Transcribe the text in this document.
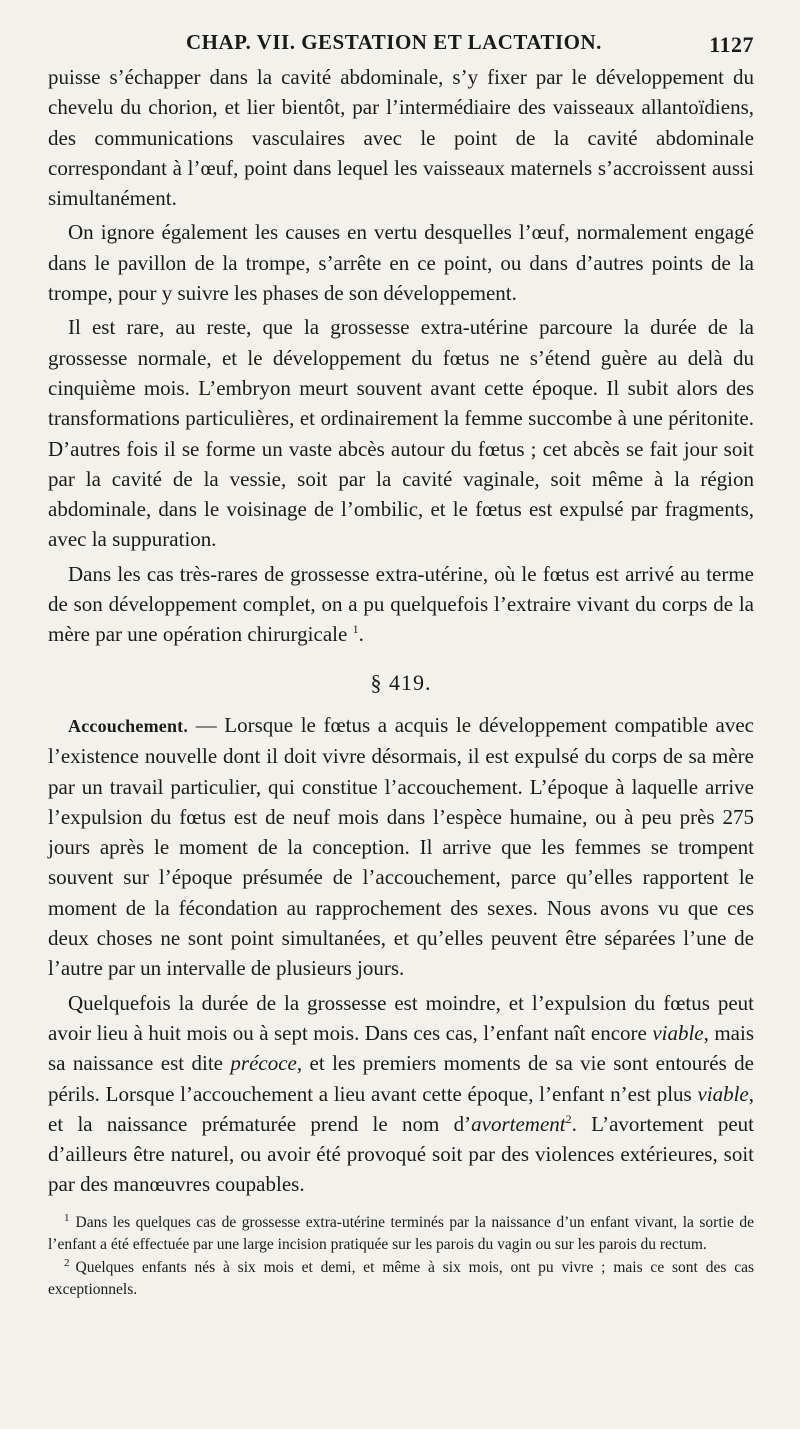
CHAP. VII. GESTATION ET LACTATION.	1127

puisse s’échapper dans la cavité abdominale, s’y fixer par le développement du chevelu du chorion, et lier bientôt, par l’intermédiaire des vaisseaux allantoïdiens, des communications vasculaires avec le point de la cavité abdominale correspondant à l’œuf, point dans lequel les vaisseaux maternels s’accroissent aussi simultanément.

On ignore également les causes en vertu desquelles l’œuf, normalement engagé dans le pavillon de la trompe, s’arrête en ce point, ou dans d’autres points de la trompe, pour y suivre les phases de son développement.

Il est rare, au reste, que la grossesse extra-utérine parcoure la durée de la grossesse normale, et le développement du fœtus ne s’étend guère au delà du cinquième mois. L’embryon meurt souvent avant cette époque. Il subit alors des transformations particulières, et ordinairement la femme succombe à une péritonite. D’autres fois il se forme un vaste abcès autour du fœtus ; cet abcès se fait jour soit par la cavité de la vessie, soit par la cavité vaginale, soit même à la région abdominale, dans le voisinage de l’ombilic, et le fœtus est expulsé par fragments, avec la suppuration.

Dans les cas très-rares de grossesse extra-utérine, où le fœtus est arrivé au terme de son développement complet, on a pu quelquefois l’extraire vivant du corps de la mère par une opération chirurgicale $^1$.

§ 419.

Accouchement. — Lorsque le fœtus a acquis le développement compatible avec l’existence nouvelle dont il doit vivre désormais, il est expulsé du corps de sa mère par un travail particulier, qui constitue l’accouchement. L’époque à laquelle arrive l’expulsion du fœtus est de neuf mois dans l’espèce humaine, ou à peu près 275 jours après le moment de la conception. Il arrive que les femmes se trompent souvent sur l’époque présumée de l’accouchement, parce qu’elles rapportent le moment de la fécondation au rapprochement des sexes. Nous avons vu que ces deux choses ne sont point simultanées, et qu’elles peuvent être séparées l’une de l’autre par un intervalle de plusieurs jours.

Quelquefois la durée de la grossesse est moindre, et l’expulsion du fœtus peut avoir lieu à huit mois ou à sept mois. Dans ces cas, l’enfant naît encore viable, mais sa naissance est dite précoce, et les premiers moments de sa vie sont entourés de périls. Lorsque l’accouchement a lieu avant cette époque, l’enfant n’est plus viable, et la naissance prématurée prend le nom d’avortement$^2$. L’avortement peut d’ailleurs être naturel, ou avoir été provoqué soit par des violences extérieures, soit par des manœuvres coupables.

$^1$ Dans les quelques cas de grossesse extra-utérine terminés par la naissance d’un enfant vivant, la sortie de l’enfant a été effectuée par une large incision pratiquée sur les parois du vagin ou sur les parois du rectum.

$^2$ Quelques enfants nés à six mois et demi, et même à six mois, ont pu vivre ; mais ce sont des cas exceptionnels.
